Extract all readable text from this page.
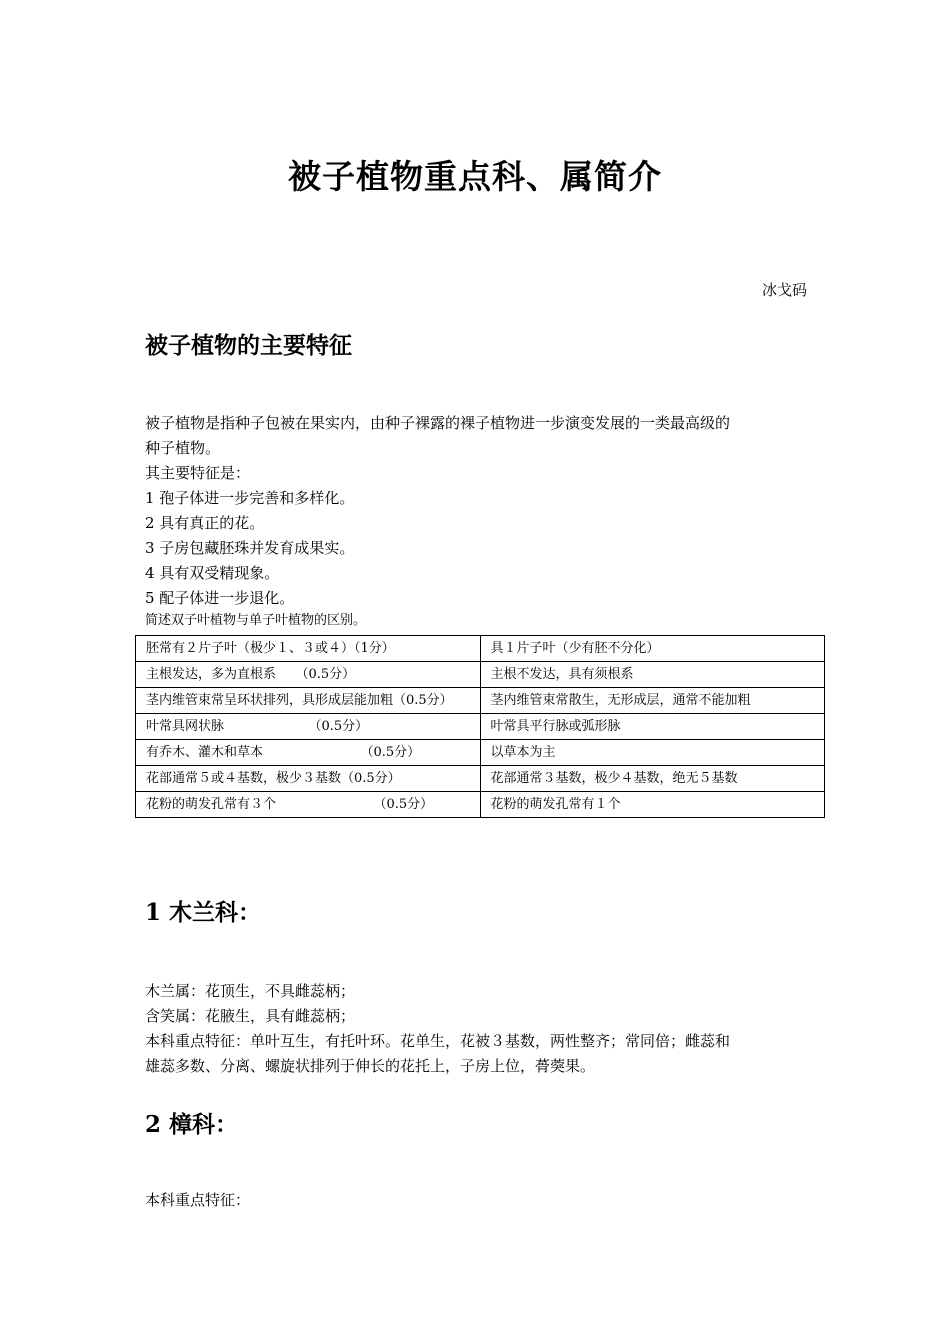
被子植物重点科、属简介
冰戈码
被子植物的主要特征
被子植物是指种子包被在果实内，由种子裸露的裸子植物进一步演变发展的一类最高级的
种子植物。
其主要特征是：
1 孢子体进一步完善和多样化。
2 具有真正的花。
3 子房包藏胚珠并发育成果实。
4 具有双受精现象。
5 配子体进一步退化。
简述双子叶植物与单子叶植物的区别。
胚常有２片子叶（极少１、３或４）（1分）	具１片子叶（少有胚不分化）
主根发达，多为直根系　　（0.5分）	主根不发达，具有须根系
茎内维管束常呈环状排列，具形成层能加粗（0.5分）	茎内维管束常散生，无形成层，通常不能加粗
叶常具网状脉　　　　　　　（0.5分）	叶常具平行脉或弧形脉
有乔木、灌木和草本　　　　　　　　（0.5分）	以草本为主
花部通常５或４基数，极少３基数（0.5分）	花部通常３基数，极少４基数，绝无５基数
花粉的萌发孔常有３个　　　　　　　　（0.5分）	花粉的萌发孔常有１个
1 木兰科：
木兰属：花顶生，不具雌蕊柄；
含笑属：花腋生，具有雌蕊柄；
本科重点特征：单叶互生，有托叶环。花单生，花被３基数，两性整齐；常同倍；雌蕊和
雄蕊多数、分离、螺旋状排列于伸长的花托上，子房上位，蓇葖果。
2 樟科：
本科重点特征：
